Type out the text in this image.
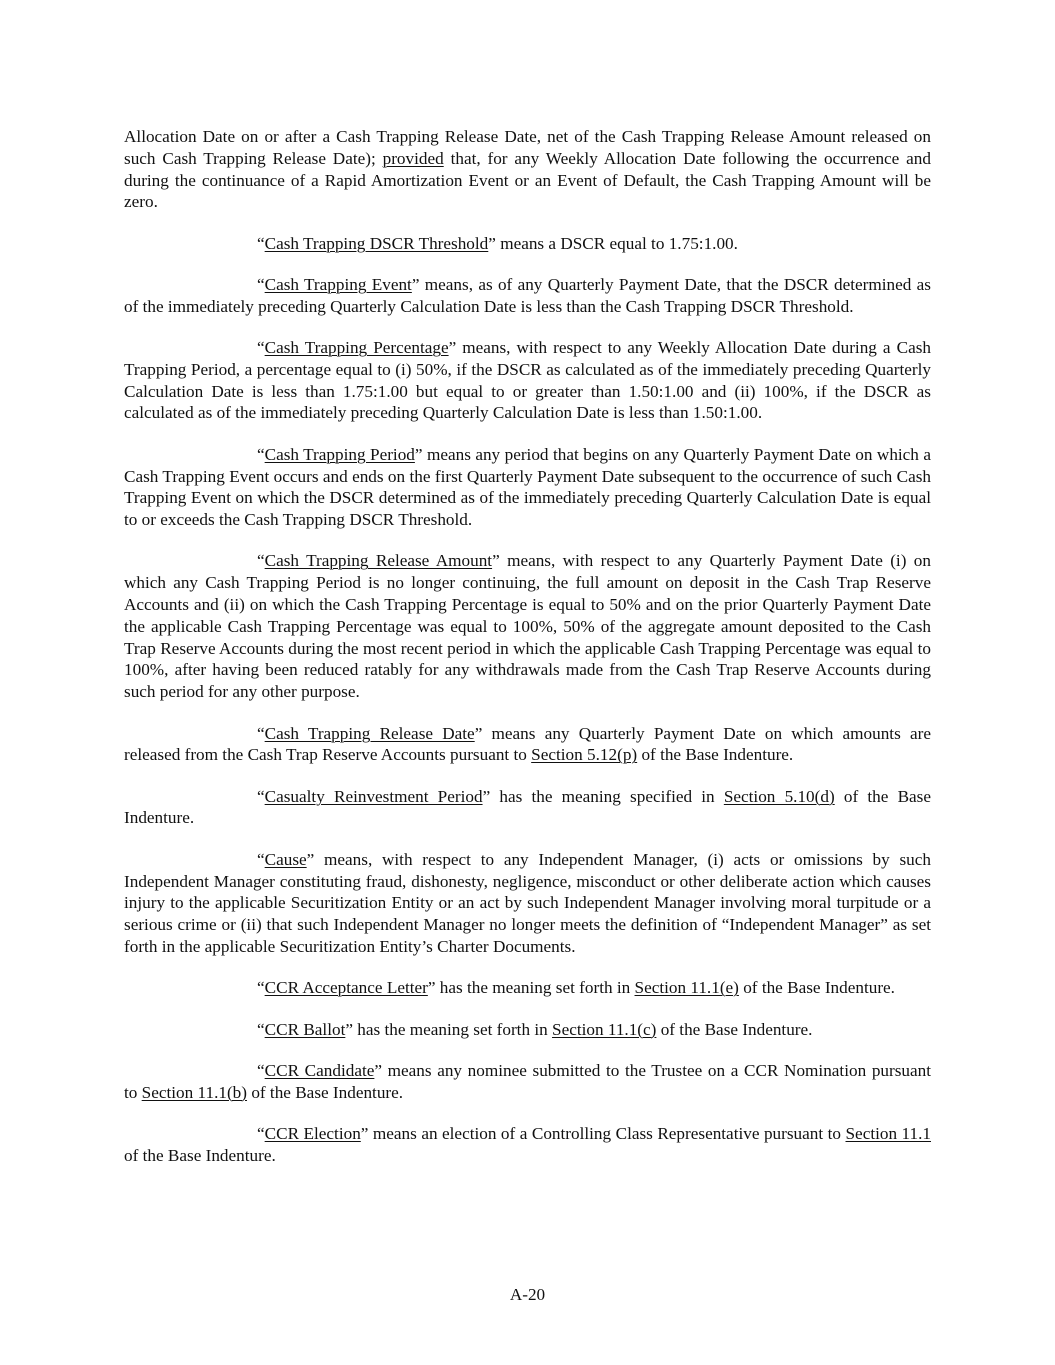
Allocation Date on or after a Cash Trapping Release Date, net of the Cash Trapping Release Amount released on such Cash Trapping Release Date); provided that, for any Weekly Allocation Date following the occurrence and during the continuance of a Rapid Amortization Event or an Event of Default, the Cash Trapping Amount will be zero.

“Cash Trapping DSCR Threshold” means a DSCR equal to 1.75:1.00.

“Cash Trapping Event” means, as of any Quarterly Payment Date, that the DSCR determined as of the immediately preceding Quarterly Calculation Date is less than the Cash Trapping DSCR Threshold.

“Cash Trapping Percentage” means, with respect to any Weekly Allocation Date during a Cash Trapping Period, a percentage equal to (i) 50%, if the DSCR as calculated as of the immediately preceding Quarterly Calculation Date is less than 1.75:1.00 but equal to or greater than 1.50:1.00 and (ii) 100%, if the DSCR as calculated as of the immediately preceding Quarterly Calculation Date is less than 1.50:1.00.

“Cash Trapping Period” means any period that begins on any Quarterly Payment Date on which a Cash Trapping Event occurs and ends on the first Quarterly Payment Date subsequent to the occurrence of such Cash Trapping Event on which the DSCR determined as of the immediately preceding Quarterly Calculation Date is equal to or exceeds the Cash Trapping DSCR Threshold.

“Cash Trapping Release Amount” means, with respect to any Quarterly Payment Date (i) on which any Cash Trapping Period is no longer continuing, the full amount on deposit in the Cash Trap Reserve Accounts and (ii) on which the Cash Trapping Percentage is equal to 50% and on the prior Quarterly Payment Date the applicable Cash Trapping Percentage was equal to 100%, 50% of the aggregate amount deposited to the Cash Trap Reserve Accounts during the most recent period in which the applicable Cash Trapping Percentage was equal to 100%, after having been reduced ratably for any withdrawals made from the Cash Trap Reserve Accounts during such period for any other purpose.

“Cash Trapping Release Date” means any Quarterly Payment Date on which amounts are released from the Cash Trap Reserve Accounts pursuant to Section 5.12(p) of the Base Indenture.

“Casualty Reinvestment Period” has the meaning specified in Section 5.10(d) of the Base Indenture.

“Cause” means, with respect to any Independent Manager, (i) acts or omissions by such Independent Manager constituting fraud, dishonesty, negligence, misconduct or other deliberate action which causes injury to the applicable Securitization Entity or an act by such Independent Manager involving moral turpitude or a serious crime or (ii) that such Independent Manager no longer meets the definition of “Independent Manager” as set forth in the applicable Securitization Entity’s Charter Documents.

“CCR Acceptance Letter” has the meaning set forth in Section 11.1(e) of the Base Indenture.

“CCR Ballot” has the meaning set forth in Section 11.1(c) of the Base Indenture.

“CCR Candidate” means any nominee submitted to the Trustee on a CCR Nomination pursuant to Section 11.1(b) of the Base Indenture.

“CCR Election” means an election of a Controlling Class Representative pursuant to Section 11.1 of the Base Indenture.

A-20
